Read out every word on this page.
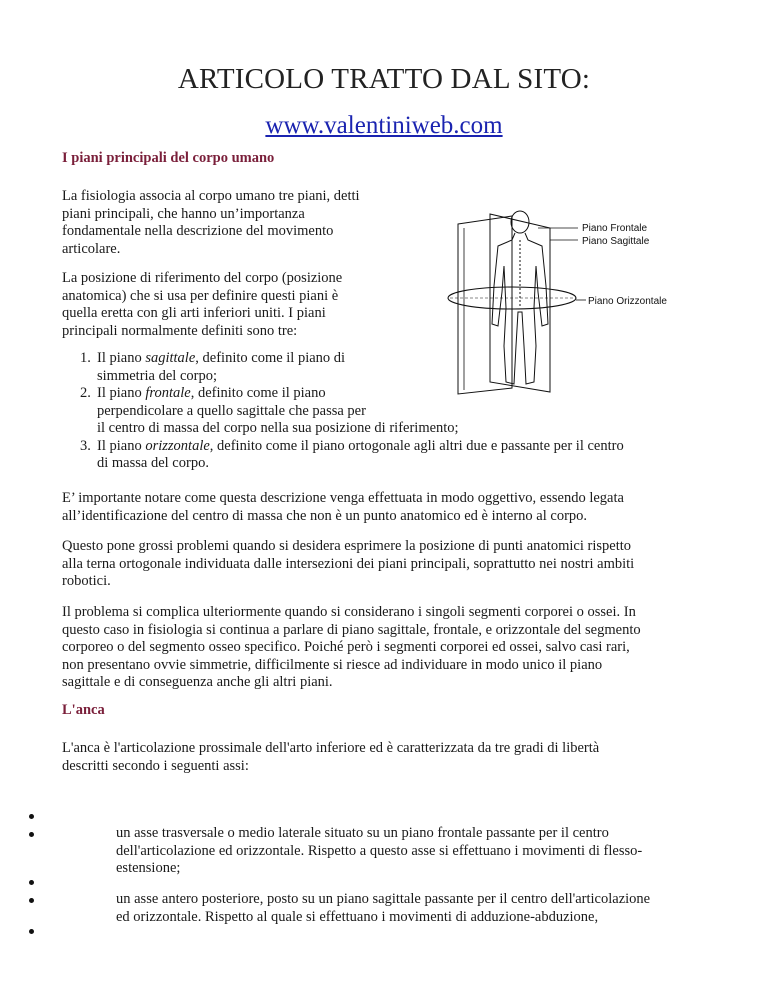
ARTICOLO TRATTO DAL SITO:
www.valentiniweb.com
I piani principali del corpo umano

La fisiologia associa al corpo umano tre piani, detti
piani principali, che hanno un’importanza
fondamentale nella descrizione del movimento
articolare.

La posizione di riferimento del corpo (posizione
anatomica) che si usa per definire questi piani è
quella eretta con gli arti inferiori uniti. I piani
principali normalmente definiti sono tre:

Piano Frontale
Piano Sagittale
Piano Orizzontale
1. Il piano sagittale, definito come il piano di
simmetria del corpo;
2. Il piano frontale, definito come il piano
perpendicolare a quello sagittale che passa per
il centro di massa del corpo nella sua posizione di riferimento;
3. Il piano orizzontale, definito come il piano ortogonale agli altri due e passante per il centro
di massa del corpo.

E’ importante notare come questa descrizione venga effettuata in modo oggettivo, essendo legata
all’identificazione del centro di massa che non è un punto anatomico ed è interno al corpo.

Questo pone grossi problemi quando si desidera esprimere la posizione di punti anatomici rispetto
alla terna ortogonale individuata dalle intersezioni dei piani principali, soprattutto nei nostri ambiti
robotici.

Il problema si complica ulteriormente quando si considerano i singoli segmenti corporei o ossei. In
questo caso in fisiologia si continua a parlare di piano sagittale, frontale, e orizzontale del segmento
corporeo o del segmento osseo specifico. Poiché però i segmenti corporei ed ossei, salvo casi rari,
non presentano ovvie simmetrie, difficilmente si riesce ad individuare in modo unico il piano
sagittale e di conseguenza anche gli altri piani.

L'anca

L'anca è l'articolazione prossimale dell'arto inferiore ed è caratterizzata da tre gradi di libertà
descritti secondo i seguenti assi:

un asse trasversale o medio laterale situato su un piano frontale passante per il centro
dell'articolazione ed orizzontale. Rispetto a questo asse si effettuano i movimenti di flesso-
estensione;
un asse antero posteriore, posto su un piano sagittale passante per il centro dell'articolazione
ed orizzontale. Rispetto al quale si effettuano i movimenti di adduzione-abduzione,
